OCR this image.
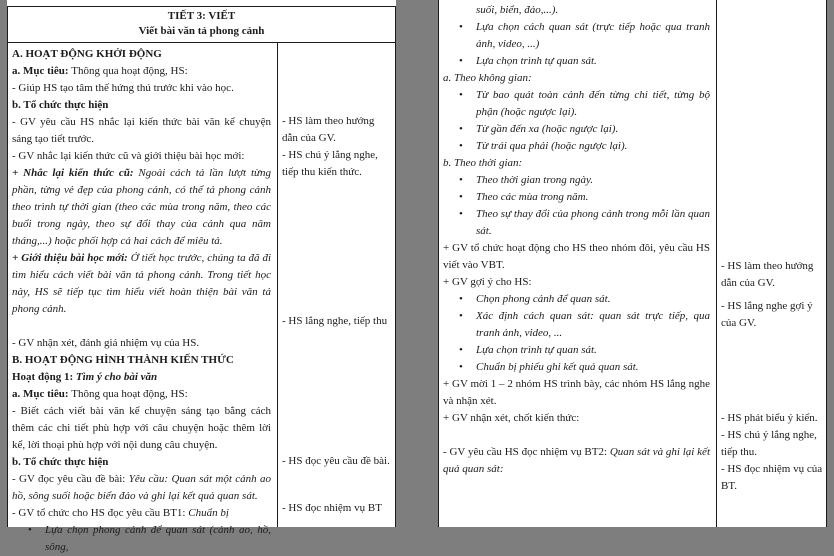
TIẾT 3: VIẾT
Viết bài văn tả phong cảnh

A. HOẠT ĐỘNG KHỞI ĐỘNG

a. Mục tiêu: Thông qua hoạt động, HS:

- Giúp HS tạo tâm thế hứng thú trước khi vào học.

b. Tổ chức thực hiện

- GV yêu cầu HS nhắc lại kiến thức bài văn kể chuyện sáng tạo tiết trước.

- GV nhắc lại kiến thức cũ và giới thiệu bài học mới:

+ Nhắc lại kiến thức cũ: Ngoài cách tả lần lượt từng phần, từng vẻ đẹp của phong cảnh, có thể tả phong cảnh theo trình tự thời gian (theo các mùa trong năm, theo các buổi trong ngày, theo sự đổi thay của cảnh qua năm tháng,...) hoặc phối hợp cả hai cách để miêu tả.

+ Giới thiệu bài học mới: Ở tiết học trước, chúng ta đã đi tìm hiểu cách viết bài văn tả phong cảnh. Trong tiết học này, HS sẽ tiếp tục tìm hiểu viết hoàn thiện bài văn tả phong cảnh.

- GV nhận xét, đánh giá nhiệm vụ của HS.

B. HOẠT ĐỘNG HÌNH THÀNH KIẾN THỨC

Hoạt động 1: Tìm ý cho bài văn

a. Mục tiêu: Thông qua hoạt động, HS:

- Biết cách viết bài văn kể chuyện sáng tạo bằng cách thêm các chi tiết phù hợp với câu chuyện hoặc thêm lời kể, lời thoại phù hợp với nội dung câu chuyện.

b. Tổ chức thực hiện

- GV đọc yêu cầu đề bài: Yêu cầu: Quan sát một cảnh ao hồ, sông suối hoặc biển đảo và ghi lại kết quả quan sát.

- GV tổ chức cho HS đọc yêu cầu BT1: Chuẩn bị

• Lựa chọn phong cảnh để quan sát (cảnh ao, hồ, sông,

- HS làm theo hướng dẫn của GV.

- HS chú ý lắng nghe, tiếp thu kiến thức.

- HS lắng nghe, tiếp thu

- HS đọc yêu cầu đề bài.

- HS đọc nhiệm vụ BT

suối, biển, đảo,...).

• Lựa chọn cách quan sát (trực tiếp hoặc qua tranh ảnh, video, ...)

• Lựa chọn trình tự quan sát.

a. Theo không gian:

• Từ bao quát toàn cảnh đến từng chi tiết, từng bộ phận (hoặc ngược lại).

• Từ gần đến xa (hoặc ngược lại).

• Từ trái qua phải (hoặc ngược lại).

b. Theo thời gian:

• Theo thời gian trong ngày.

• Theo các mùa trong năm.

• Theo sự thay đổi của phong cảnh trong mỗi lần quan sát.

+ GV tổ chức hoạt động cho HS theo nhóm đôi, yêu cầu HS viết vào VBT.

+ GV gợi ý cho HS:

• Chọn phong cảnh để quan sát.

• Xác định cách quan sát: quan sát trực tiếp, qua tranh ảnh, video, ...

• Lựa chọn trình tự quan sát.

• Chuẩn bị phiếu ghi kết quả quan sát.

+ GV mời 1 – 2 nhóm HS trình bày, các nhóm HS lắng nghe và nhận xét.

+ GV nhận xét, chốt kiến thức:

- GV yêu cầu HS đọc nhiệm vụ BT2: Quan sát và ghi lại kết quả quan sát:

- HS làm theo hướng dẫn của GV.

- HS lắng nghe gợi ý của GV.

- HS phát biểu ý kiến.

- HS chú ý lắng nghe, tiếp thu.

- HS đọc nhiệm vụ của BT.
